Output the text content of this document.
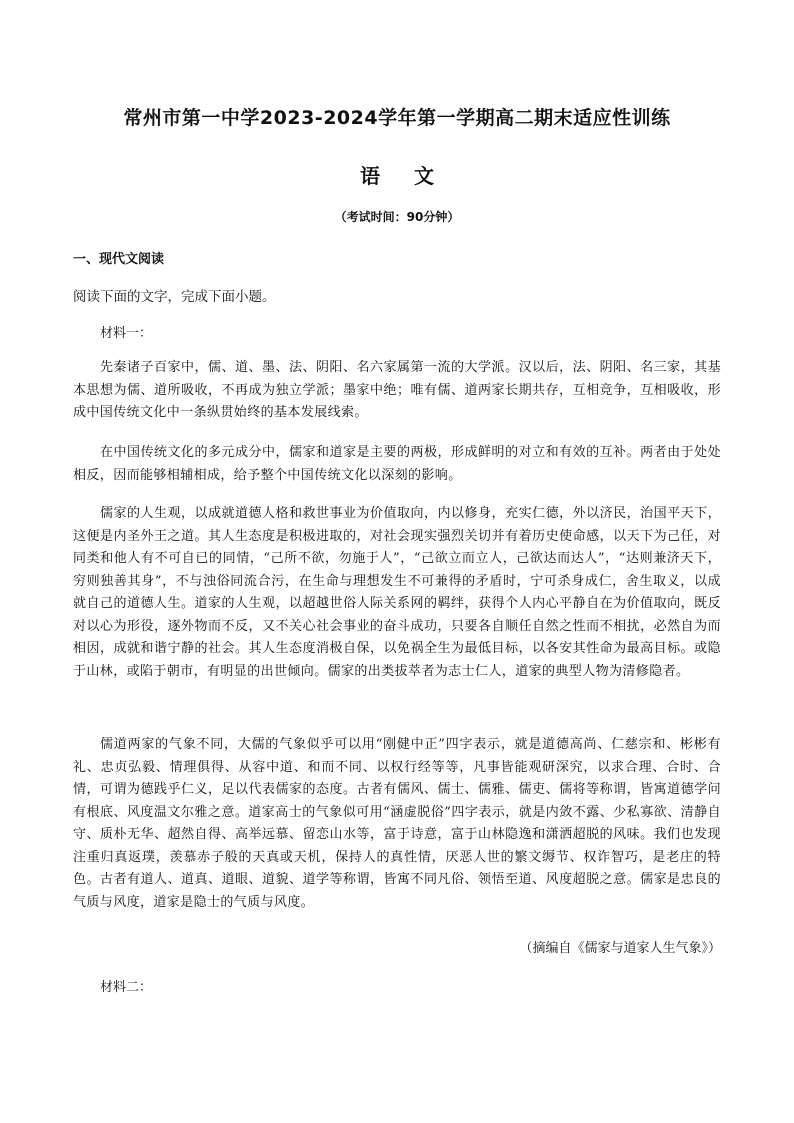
常州市第一中学2023-2024学年第一学期高二期末适应性训练
语文
（考试时间：90分钟）
一、现代文阅读
阅读下面的文字，完成下面小题。
材料一：
先秦诸子百家中，儒、道、墨、法、阴阳、名六家属第一流的大学派。汉以后，法、阴阳、名三家，其基本思想为儒、道所吸收，不再成为独立学派；墨家中绝；唯有儒、道两家长期共存，互相竞争，互相吸收，形成中国传统文化中一条纵贯始终的基本发展线索。
在中国传统文化的多元成分中，儒家和道家是主要的两极，形成鲜明的对立和有效的互补。两者由于处处相反，因而能够相辅相成，给予整个中国传统文化以深刻的影响。
儒家的人生观，以成就道德人格和救世事业为价值取向，内以修身，充实仁德，外以济民，治国平天下，这便是内圣外王之道。其人生态度是积极进取的，对社会现实强烈关切并有着历史使命感，以天下为己任，对同类和他人有不可自已的同情，“己所不欲，勿施于人”，“己欲立而立人，己欲达而达人”，“达则兼济天下，穷则独善其身”，不与浊俗同流合污，在生命与理想发生不可兼得的矛盾时，宁可杀身成仁，舍生取义，以成就自己的道德人生。道家的人生观，以超越世俗人际关系网的羁绊，获得个人内心平静自在为价值取向，既反对以心为形役，逐外物而不反，又不关心社会事业的奋斗成功，只要各自顺任自然之性而不相扰，必然自为而相因，成就和谐宁静的社会。其人生态度消极自保，以免祸全生为最低目标，以各安其性命为最高目标。或隐于山林，或陷于朝市，有明显的出世倾向。儒家的出类拔萃者为志士仁人，道家的典型人物为清修隐者。
儒道两家的气象不同，大儒的气象似乎可以用“刚健中正”四字表示，就是道德高尚、仁慈宗和、彬彬有礼、忠贞弘毅、情理俱得、从容中道、和而不同、以权行经等等，凡事皆能观研深究，以求合理、合时、合情，可谓为德践乎仁义，足以代表儒家的态度。古者有儒风、儒士、儒雅、儒吏、儒将等称谓，皆寓道德学问有根底、风度温文尔雅之意。道家高士的气象似可用“涵虚脱俗”四字表示，就是内敛不露、少私寡欲、清静自守、质朴无华、超然自得、高举远慕、留恋山水等，富于诗意，富于山林隐逸和潇洒超脱的风味。我们也发现注重归真返璞，羡慕赤子般的天真或天机，保持人的真性情，厌恶人世的繁文缛节、权诈智巧，是老庄的特色。古者有道人、道真、道眼、道貌、道学等称谓，皆寓不同凡俗、领悟至道、风度超脱之意。儒家是忠良的气质与风度，道家是隐士的气质与风度。
（摘编自《儒家与道家人生气象》）
材料二：
